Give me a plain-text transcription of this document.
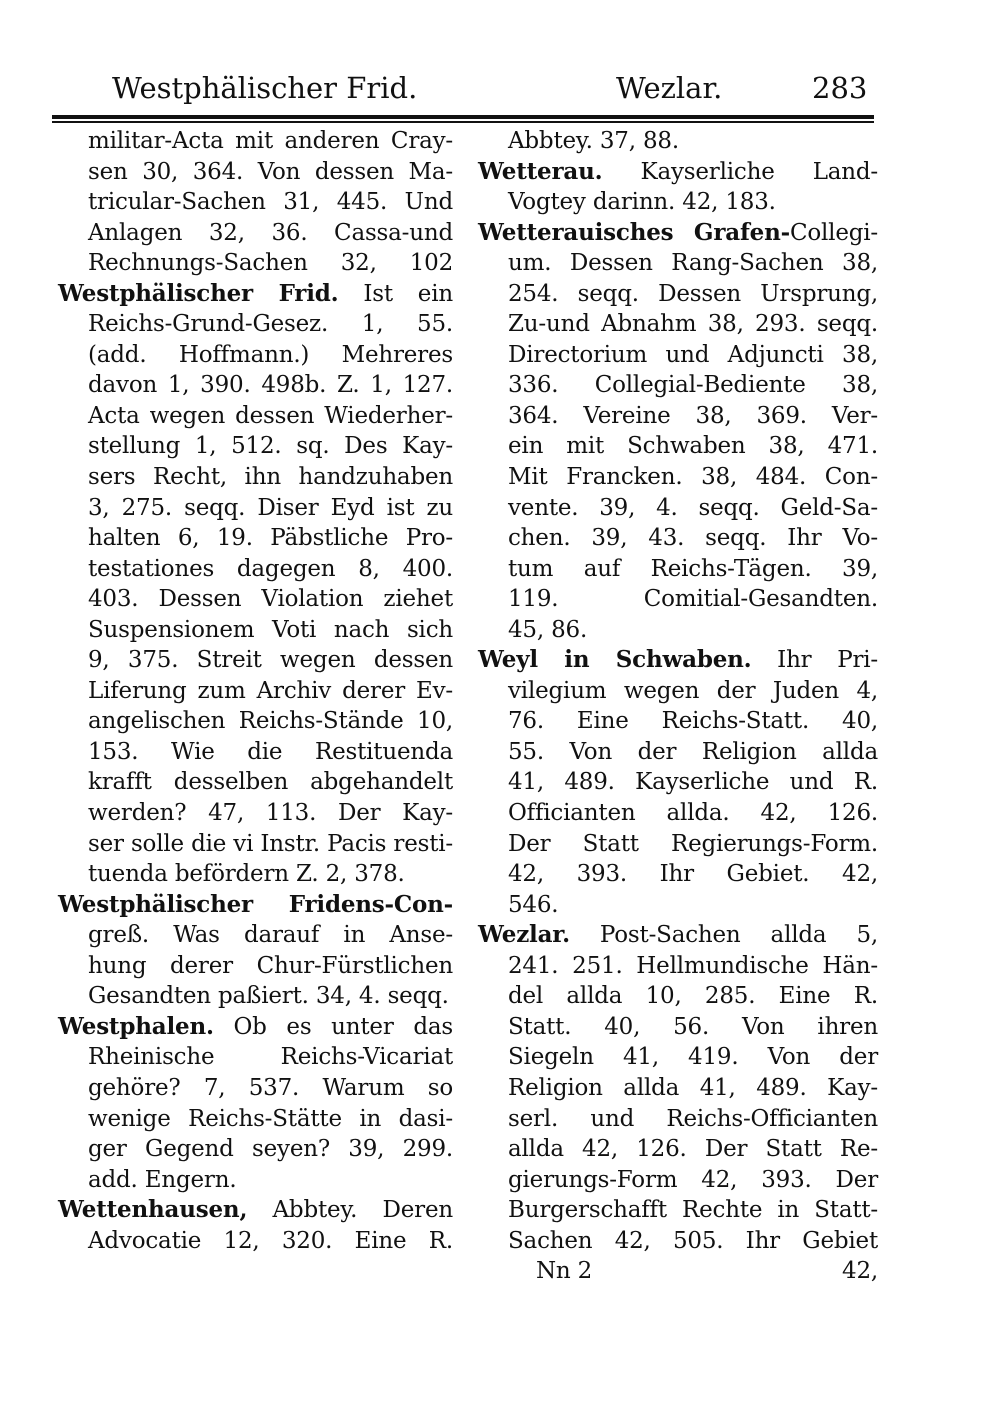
Westphälischer Frid.	Wezlar.	283
militar-Acta mit anderen Cray-
sen 30, 364. Von dessen Ma-
tricular-Sachen 31, 445. Und
Anlagen 32, 36. Cassa-und
Rechnungs-Sachen 32, 102
Westphälischer Frid. Ist ein
Reichs-Grund-Gesez. 1, 55.
(add. Hoffmann.) Mehreres
davon 1, 390. 498b. Z. 1, 127.
Acta wegen dessen Wiederher-
stellung 1, 512. sq. Des Kay-
sers Recht, ihn handzuhaben
3, 275. seqq. Diser Eyd ist zu
halten 6, 19. Päbstliche Pro-
testationes dagegen 8, 400.
403. Dessen Violation ziehet
Suspensionem Voti nach sich
9, 375. Streit wegen dessen
Liferung zum Archiv derer Ev-
angelischen Reichs-Stände 10,
153. Wie die Restituenda
krafft desselben abgehandelt
werden? 47, 113. Der Kay-
ser solle die vi Instr. Pacis resti-
tuenda befördern Z. 2, 378.
Westphälischer Fridens-Con-
greß. Was darauf in Anse-
hung derer Chur-Fürstlichen
Gesandten paßiert. 34, 4. seqq.
Westphalen. Ob es unter das
Rheinische Reichs-Vicariat
gehöre? 7, 537. Warum so
wenige Reichs-Stätte in dasi-
ger Gegend seyen? 39, 299.
add. Engern.
Wettenhausen, Abbtey. Deren
Advocatie 12, 320. Eine R.
Abbtey. 37, 88.
Wetterau. Kayserliche Land-
Vogtey darinn. 42, 183.
Wetterauisches Grafen-Collegi-
um. Dessen Rang-Sachen 38,
254. seqq. Dessen Ursprung,
Zu-und Abnahm 38, 293. seqq.
Directorium und Adjuncti 38,
336. Collegial-Bediente 38,
364. Vereine 38, 369. Ver-
ein mit Schwaben 38, 471.
Mit Francken. 38, 484. Con-
vente. 39, 4. seqq. Geld-Sa-
chen. 39, 43. seqq. Ihr Vo-
tum auf Reichs-Tägen. 39,
119. Comitial-Gesandten.
45, 86.
Weyl in Schwaben. Ihr Pri-
vilegium wegen der Juden 4,
76. Eine Reichs-Statt. 40,
55. Von der Religion allda
41, 489. Kayserliche und R.
Officianten allda. 42, 126.
Der Statt Regierungs-Form.
42, 393. Ihr Gebiet. 42,
546.
Wezlar. Post-Sachen allda 5,
241. 251. Hellmundische Hän-
del allda 10, 285. Eine R.
Statt. 40, 56. Von ihren
Siegeln 41, 419. Von der
Religion allda 41, 489. Kay-
serl. und Reichs-Officianten
allda 42, 126. Der Statt Re-
gierungs-Form 42, 393. Der
Burgerschafft Rechte in Statt-
Sachen 42, 505. Ihr Gebiet
Nn 2	42,
